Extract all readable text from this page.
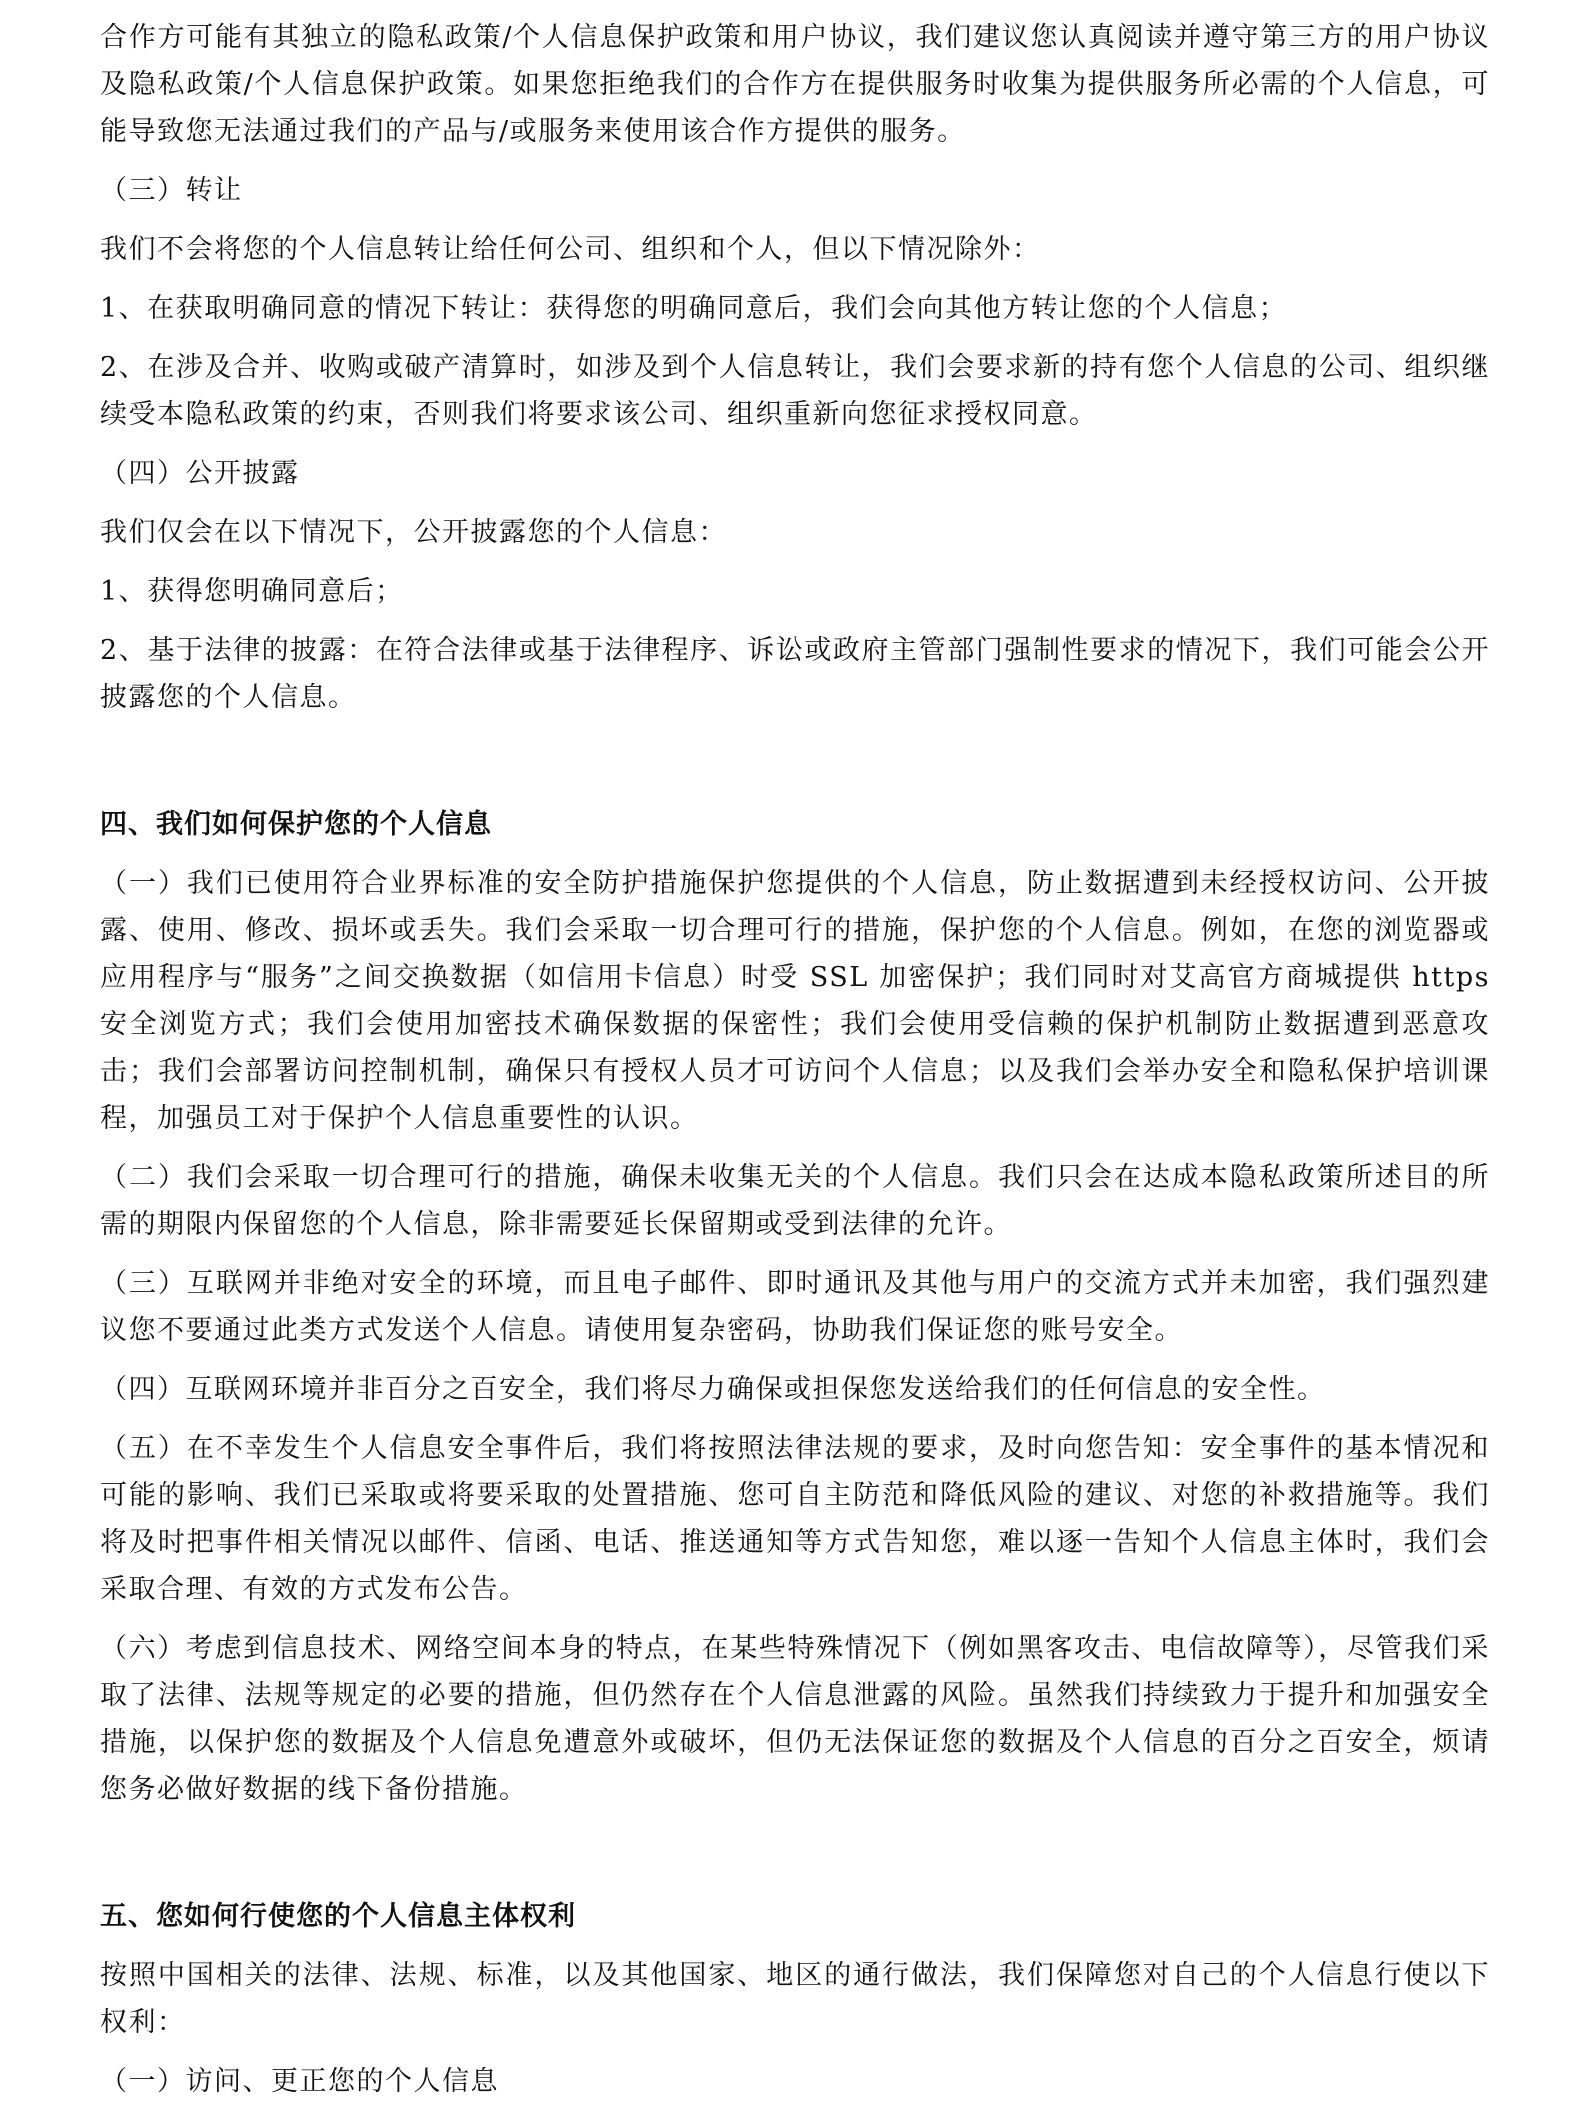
合作方可能有其独立的隐私政策/个人信息保护政策和用户协议，我们建议您认真阅读并遵守第三方的用户协议及隐私政策/个人信息保护政策。如果您拒绝我们的合作方在提供服务时收集为提供服务所必需的个人信息，可能导致您无法通过我们的产品与/或服务来使用该合作方提供的服务。

（三）转让

我们不会将您的个人信息转让给任何公司、组织和个人，但以下情况除外：

1、在获取明确同意的情况下转让：获得您的明确同意后，我们会向其他方转让您的个人信息；

2、在涉及合并、收购或破产清算时，如涉及到个人信息转让，我们会要求新的持有您个人信息的公司、组织继续受本隐私政策的约束，否则我们将要求该公司、组织重新向您征求授权同意。

（四）公开披露

我们仅会在以下情况下，公开披露您的个人信息：

1、获得您明确同意后；

2、基于法律的披露：在符合法律或基于法律程序、诉讼或政府主管部门强制性要求的情况下，我们可能会公开披露您的个人信息。

四、我们如何保护您的个人信息

（一）我们已使用符合业界标准的安全防护措施保护您提供的个人信息，防止数据遭到未经授权访问、公开披露、使用、修改、损坏或丢失。我们会采取一切合理可行的措施，保护您的个人信息。例如，在您的浏览器或应用程序与“服务”之间交换数据（如信用卡信息）时受 SSL 加密保护；我们同时对艾高官方商城提供 https 安全浏览方式；我们会使用加密技术确保数据的保密性；我们会使用受信赖的保护机制防止数据遭到恶意攻击；我们会部署访问控制机制，确保只有授权人员才可访问个人信息；以及我们会举办安全和隐私保护培训课程，加强员工对于保护个人信息重要性的认识。

（二）我们会采取一切合理可行的措施，确保未收集无关的个人信息。我们只会在达成本隐私政策所述目的所需的期限内保留您的个人信息，除非需要延长保留期或受到法律的允许。

（三）互联网并非绝对安全的环境，而且电子邮件、即时通讯及其他与用户的交流方式并未加密，我们强烈建议您不要通过此类方式发送个人信息。请使用复杂密码，协助我们保证您的账号安全。

（四）互联网环境并非百分之百安全，我们将尽力确保或担保您发送给我们的任何信息的安全性。

（五）在不幸发生个人信息安全事件后，我们将按照法律法规的要求，及时向您告知：安全事件的基本情况和可能的影响、我们已采取或将要采取的处置措施、您可自主防范和降低风险的建议、对您的补救措施等。我们将及时把事件相关情况以邮件、信函、电话、推送通知等方式告知您，难以逐一告知个人信息主体时，我们会采取合理、有效的方式发布公告。

（六）考虑到信息技术、网络空间本身的特点，在某些特殊情况下（例如黑客攻击、电信故障等），尽管我们采取了法律、法规等规定的必要的措施，但仍然存在个人信息泄露的风险。虽然我们持续致力于提升和加强安全措施，以保护您的数据及个人信息免遭意外或破坏，但仍无法保证您的数据及个人信息的百分之百安全，烦请您务必做好数据的线下备份措施。

五、您如何行使您的个人信息主体权利

按照中国相关的法律、法规、标准，以及其他国家、地区的通行做法，我们保障您对自己的个人信息行使以下权利：

（一）访问、更正您的个人信息
